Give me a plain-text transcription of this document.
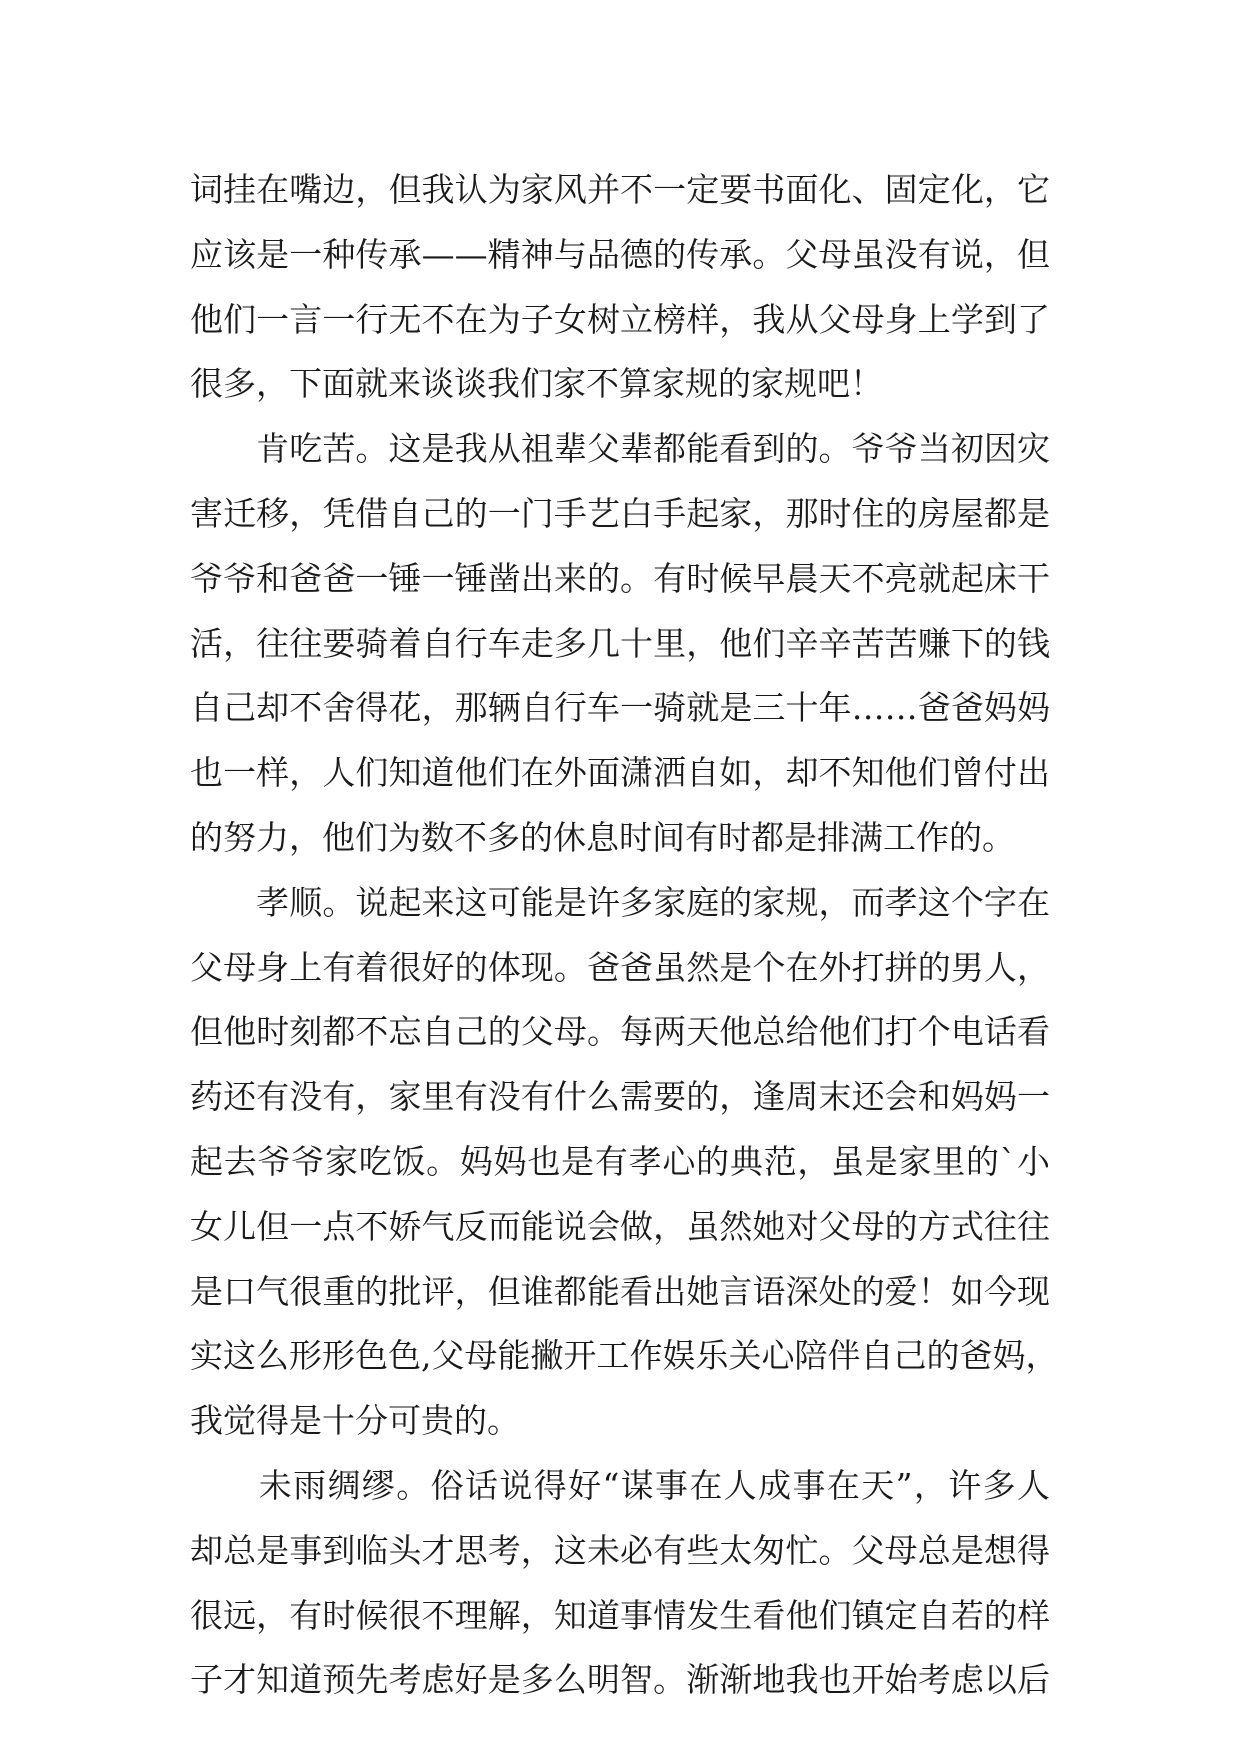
词挂在嘴边，但我认为家风并不一定要书面化、固定化，它
应该是一种传承——精神与品德的传承。父母虽没有说，但
他们一言一行无不在为子女树立榜样，我从父母身上学到了
很多，下面就来谈谈我们家不算家规的家规吧！
　　肯吃苦。这是我从祖辈父辈都能看到的。爷爷当初因灾
害迁移，凭借自己的一门手艺白手起家，那时住的房屋都是
爷爷和爸爸一锤一锤凿出来的。有时候早晨天不亮就起床干
活，往往要骑着自行车走多几十里，他们辛辛苦苦赚下的钱
自己却不舍得花，那辆自行车一骑就是三十年……爸爸妈妈
也一样，人们知道他们在外面潇洒自如，却不知他们曾付出
的努力，他们为数不多的休息时间有时都是排满工作的。
　　孝顺。说起来这可能是许多家庭的家规，而孝这个字在
父母身上有着很好的体现。爸爸虽然是个在外打拼的男人，
但他时刻都不忘自己的父母。每两天他总给他们打个电话看
药还有没有，家里有没有什么需要的，逢周末还会和妈妈一
起去爷爷家吃饭。妈妈也是有孝心的典范，虽是家里的`小
女儿但一点不娇气反而能说会做，虽然她对父母的方式往往
是口气很重的批评，但谁都能看出她言语深处的爱！如今现
实这么形形色色,父母能撇开工作娱乐关心陪伴自己的爸妈，
我觉得是十分可贵的。
　　未雨绸缪。俗话说得好“谋事在人成事在天”，许多人
却总是事到临头才思考，这未必有些太匆忙。父母总是想得
很远，有时候很不理解，知道事情发生看他们镇定自若的样
子才知道预先考虑好是多么明智。渐渐地我也开始考虑以后
